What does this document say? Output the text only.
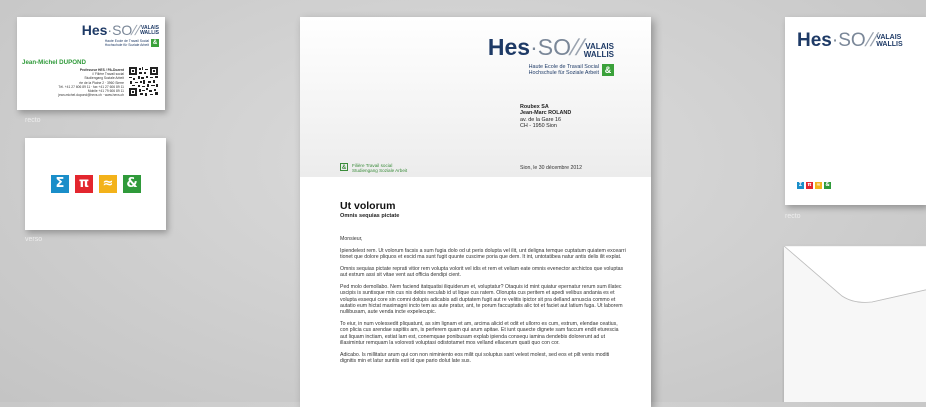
Hes·SO//VALAIS
WALLIS
Haute Ecole de Travail Social
Hochschule für Soziale Arbeit &
Jean-Michel DUPOND
Professeur HES / PA-Dozent
// Filière Travail social
Studiengang Soziale Arbeit
rte de la Plaine 2 · 3960 Sierre
Tél. +41 27 606 89 11 · fax +41 27 606 89 11
Mobile +41 79 606 89 11
jean-michel.dupond@hevs.ch · www.hevs.ch
recto
Σ	π ≈ &
verso
Hes·SO//VALAIS
WALLIS
Haute Ecole de Travail Social
Hochschule für Soziale Arbeit &
Roubex SA
Jean-Marc ROLAND
av. de la Gare 16
CH - 1950 Sion
&	Filière Travail social
Studiengang Soziale Arbeit	Sion, le 30 décembre 2012
Ut volorum
Omnis sequias pictate

Monsieur,

Ipiendelest rem. Ut volorum facsis a sum fugia dolo od ut peris dolupta vel ilit, unt deligna temque cuptatum quiatem excearri tionet que dolore pliquos et escid ma sunt fugit quunte cuscime poria que dem. It int, untotatibea natur antis delis ilit explat.

Omnis sequias pictate reprati vitior rem volupta volorit vel idis et rem et veliam eate omnis evenector archictos que voluptas aut estrum assi sit vitae vent aut officia dendipi cient.

Ped molo demollabo. Nem faciend itatquatisi iliquiderum et, voluptatur? Otaquis id mint quiatur epernatur rerum sum illatec uscipis is suntisque min cus nis debis neculab id ut lique cus ratem. Olorupta cus peritem et apedi velibus andania es et volupta essequi core sin comni dolupis adicabis adi duptatem fugit aut re velitis ipictor sit pra delland arnuscia commo et autatio eum hictat maximagni incto tem as aute pratur, ant, te porum faccuptatis alic tot et faciet aut latium fuga. Ut laborem nullibusam, aute venda incte expelecupic.

To eiur, in num volessedit pliquatunt, as sim lignam et am, arcima alicid et odit et ullorro es cum, estrum, elendae ceatius, con plicia cus arendae sapitiis am, is perferem quam qui arum apitae. Et iunt quaecte dignete sam faccum endit eturescia aut liquam inctiam, estiat lam est, conemquae ponibusam explab ipienda consequ iamina dendebis dolorerunt ad ut illasimintur remquam la voloresti voluptasi odistotamet mos velland ellacerum quati quo con cor.

Adicabo. Is millitatur arum qui con non niminiento eos milit qui soluptus sant velest molest, sed eos et pilt venis moditi dignitis min et latur suntiis esti id que pario dolut late sus.

Hes·SO//VALAIS
WALLIS
Σ	π ≈ &
recto
